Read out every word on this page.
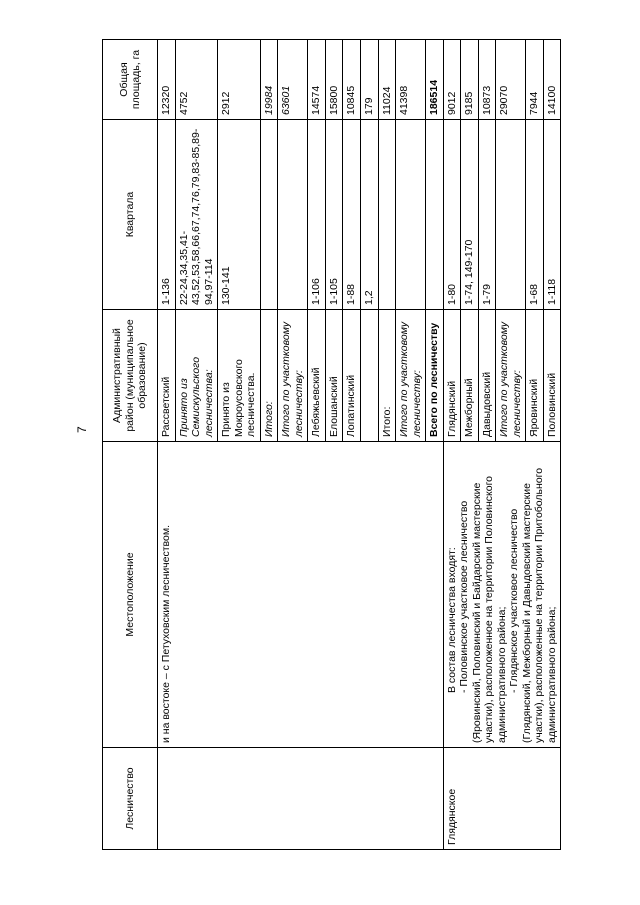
7
Лесничество	Местоположение	Административный район (муниципальное образование)	Квартала	Общая площадь, га
	и на востоке – с Петуховским лесничеством.	Рассветский	1-136	12320
		Принято из Семискульского лесничества:	22-24,34,35,41-43,52,53,58,66,67,74,76,79,83-85,89-94,97-114	4752
		Принято из Мокроусовского лесничества.	130-141	2912
		Итого:		19984
		Итого по участковому лесничеству:		63601
		Лебяжьевский	1-106	14574
		Елошанский	1-105	15800
		Лопатинский	1-88	10845
			1,2	179
		Итого:		11024
		Итого по участковому лесничеству:		41398
		Всего по лесничеству		186514
Глядянское	В состав лесничества входят: - Половинское участковое лесничество (Яровинский, Половинский и Байдарский мастерские участки), расположенное на территории Половинского административного района; - Глядянское участковое лесничество (Глядянский, Межборный и Давыдовский мастерские участки), расположенные на территории Притобольного административного района;	Глядянский	1-80	9012
		Межборный	1-74, 149-170	9185
		Давыдовский	1-79	10873
		Итого по участковому лесничеству:		29070
		Яровинский	1-68	7944
		Половинский	1-118	14100
